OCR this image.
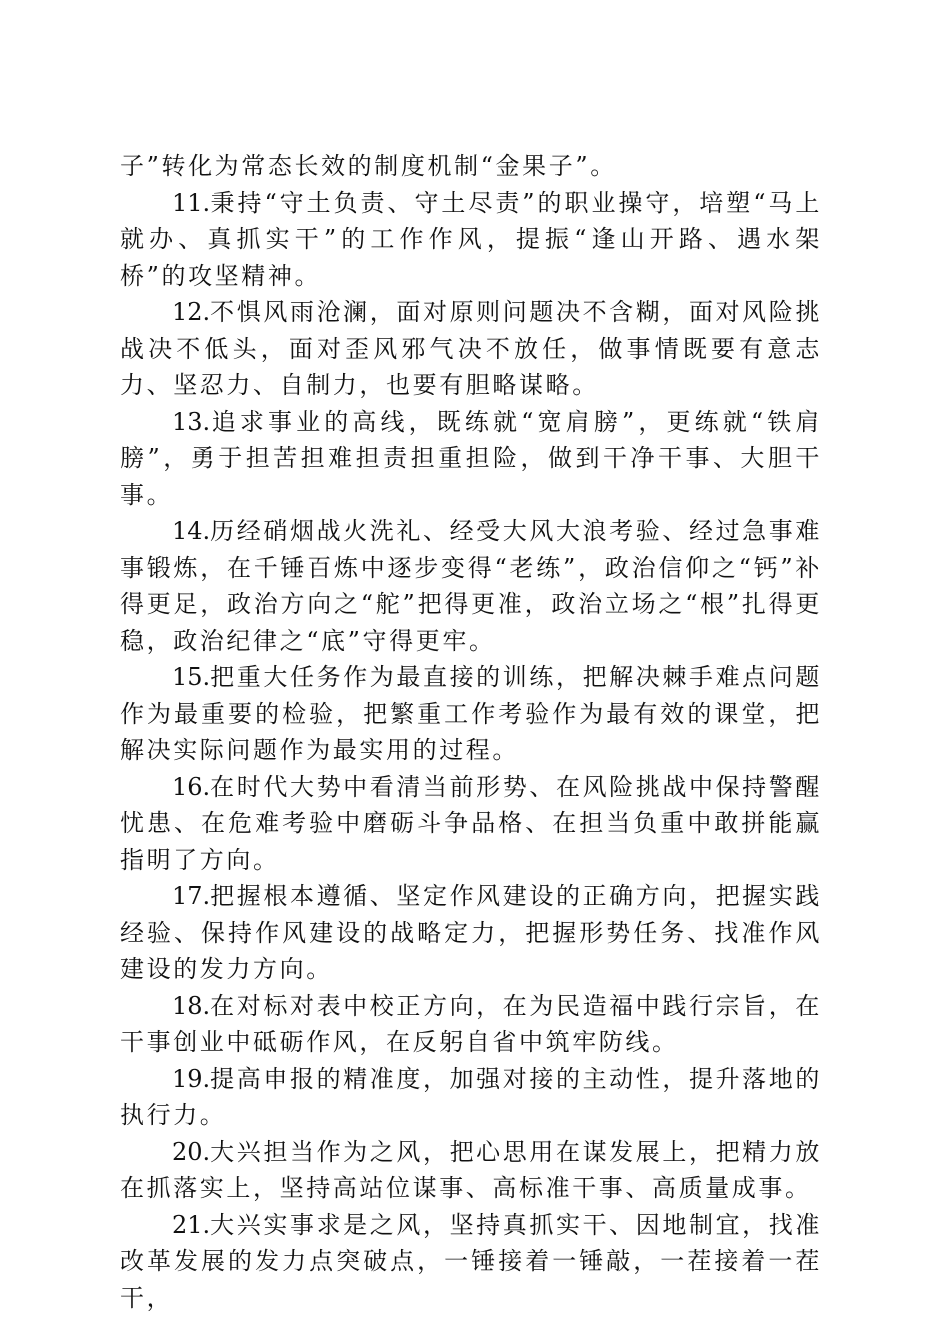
子”转化为常态长效的制度机制“金果子”。

11.秉持“守土负责、守土尽责”的职业操守，培塑“马上就办、真抓实干”的工作作风，提振“逢山开路、遇水架桥”的攻坚精神。

12.不惧风雨沧澜，面对原则问题决不含糊，面对风险挑战决不低头，面对歪风邪气决不放任，做事情既要有意志力、坚忍力、自制力，也要有胆略谋略。

13.追求事业的高线，既练就“宽肩膀”，更练就“铁肩膀”，勇于担苦担难担责担重担险，做到干净干事、大胆干事。

14.历经硝烟战火洗礼、经受大风大浪考验、经过急事难事锻炼，在千锤百炼中逐步变得“老练”，政治信仰之“钙”补得更足，政治方向之“舵”把得更准，政治立场之“根”扎得更稳，政治纪律之“底”守得更牢。

15.把重大任务作为最直接的训练，把解决棘手难点问题作为最重要的检验，把繁重工作考验作为最有效的课堂，把解决实际问题作为最实用的过程。

16.在时代大势中看清当前形势、在风险挑战中保持警醒忧患、在危难考验中磨砺斗争品格、在担当负重中敢拼能赢指明了方向。

17.把握根本遵循、坚定作风建设的正确方向，把握实践经验、保持作风建设的战略定力，把握形势任务、找准作风建设的发力方向。

18.在对标对表中校正方向，在为民造福中践行宗旨，在干事创业中砥砺作风，在反躬自省中筑牢防线。

19.提高申报的精准度，加强对接的主动性，提升落地的执行力。

20.大兴担当作为之风，把心思用在谋发展上，把精力放在抓落实上，坚持高站位谋事、高标准干事、高质量成事。

21.大兴实事求是之风，坚持真抓实干、因地制宜，找准改革发展的发力点突破点，一锤接着一锤敲，一茬接着一茬干，
